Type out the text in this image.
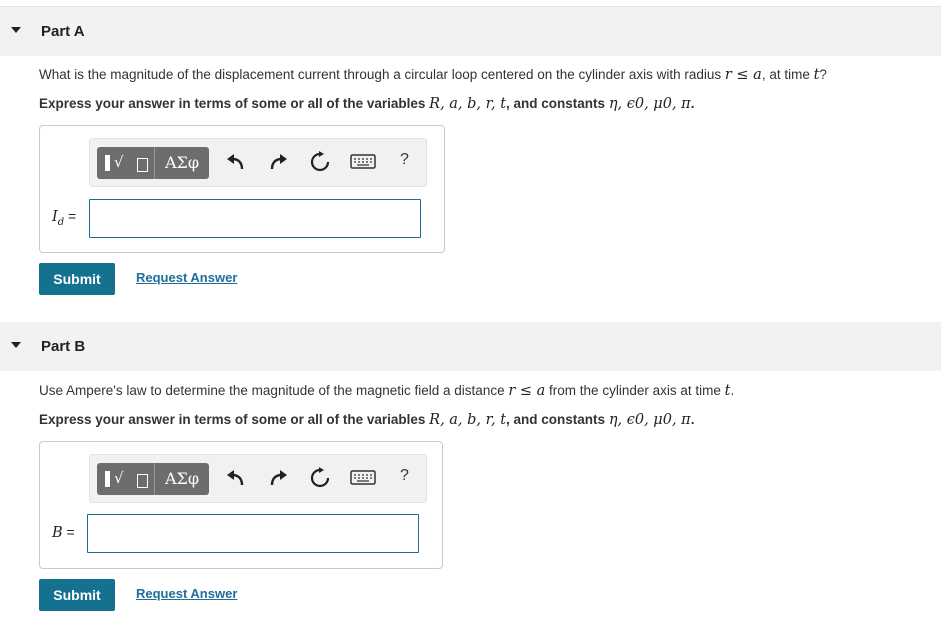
Part A
What is the magnitude of the displacement current through a circular loop centered on the cylinder axis with radius r ≤ a, at time t?
Express your answer in terms of some or all of the variables R, a, b, r, t, and constants η, ϵ0, μ0, π.
√	ΑΣφ	?
$I_d$ =
Submit	Request Answer
Part B
Use Ampere's law to determine the magnitude of the magnetic field a distance r ≤ a from the cylinder axis at time t.
Express your answer in terms of some or all of the variables R, a, b, r, t, and constants η, ϵ0, μ0, π.
√	ΑΣφ	?
B =
Submit	Request Answer
